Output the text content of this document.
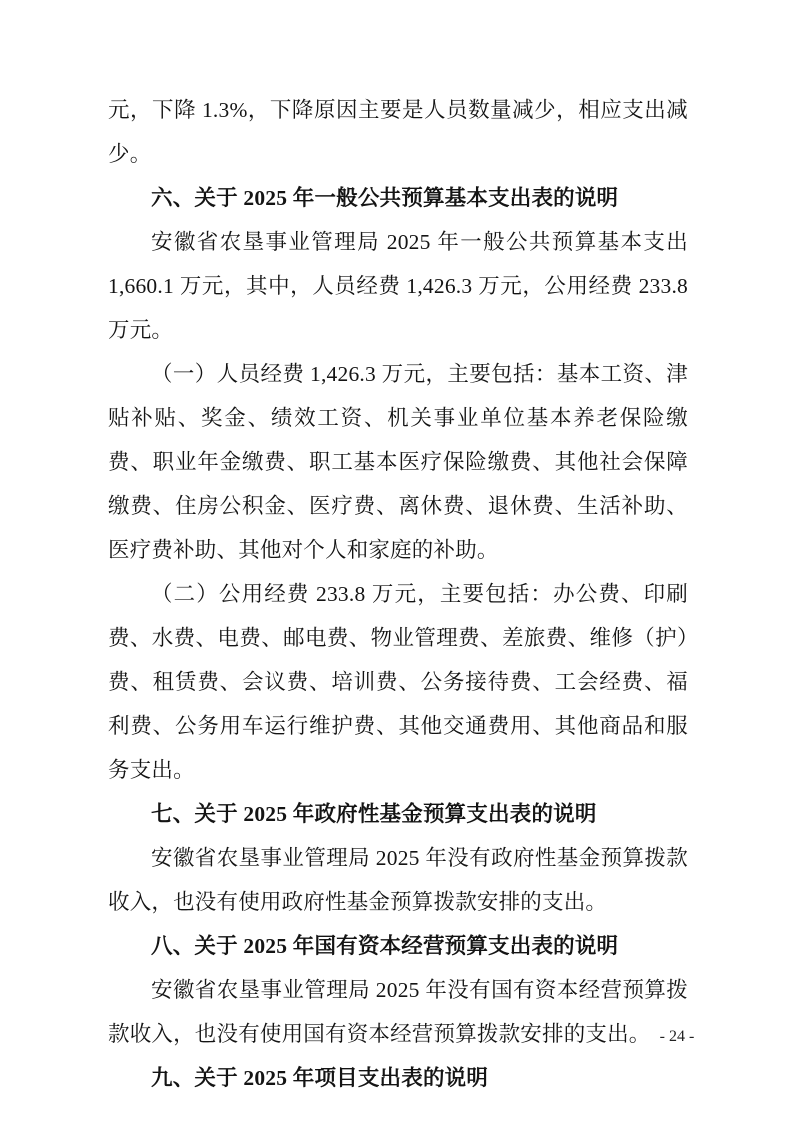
元，下降 1.3%，下降原因主要是人员数量减少，相应支出减少。

六、关于 2025 年一般公共预算基本支出表的说明

安徽省农垦事业管理局 2025 年一般公共预算基本支出 1,660.1 万元，其中，人员经费 1,426.3 万元，公用经费 233.8 万元。

（一）人员经费 1,426.3 万元，主要包括：基本工资、津贴补贴、奖金、绩效工资、机关事业单位基本养老保险缴费、职业年金缴费、职工基本医疗保险缴费、其他社会保障缴费、住房公积金、医疗费、离休费、退休费、生活补助、医疗费补助、其他对个人和家庭的补助。

（二）公用经费 233.8 万元，主要包括：办公费、印刷费、水费、电费、邮电费、物业管理费、差旅费、维修（护）费、租赁费、会议费、培训费、公务接待费、工会经费、福利费、公务用车运行维护费、其他交通费用、其他商品和服务支出。

七、关于 2025 年政府性基金预算支出表的说明

安徽省农垦事业管理局 2025 年没有政府性基金预算拨款收入，也没有使用政府性基金预算拨款安排的支出。

八、关于 2025 年国有资本经营预算支出表的说明

安徽省农垦事业管理局 2025 年没有国有资本经营预算拨款收入，也没有使用国有资本经营预算拨款安排的支出。

九、关于 2025 年项目支出表的说明

- 24 -
